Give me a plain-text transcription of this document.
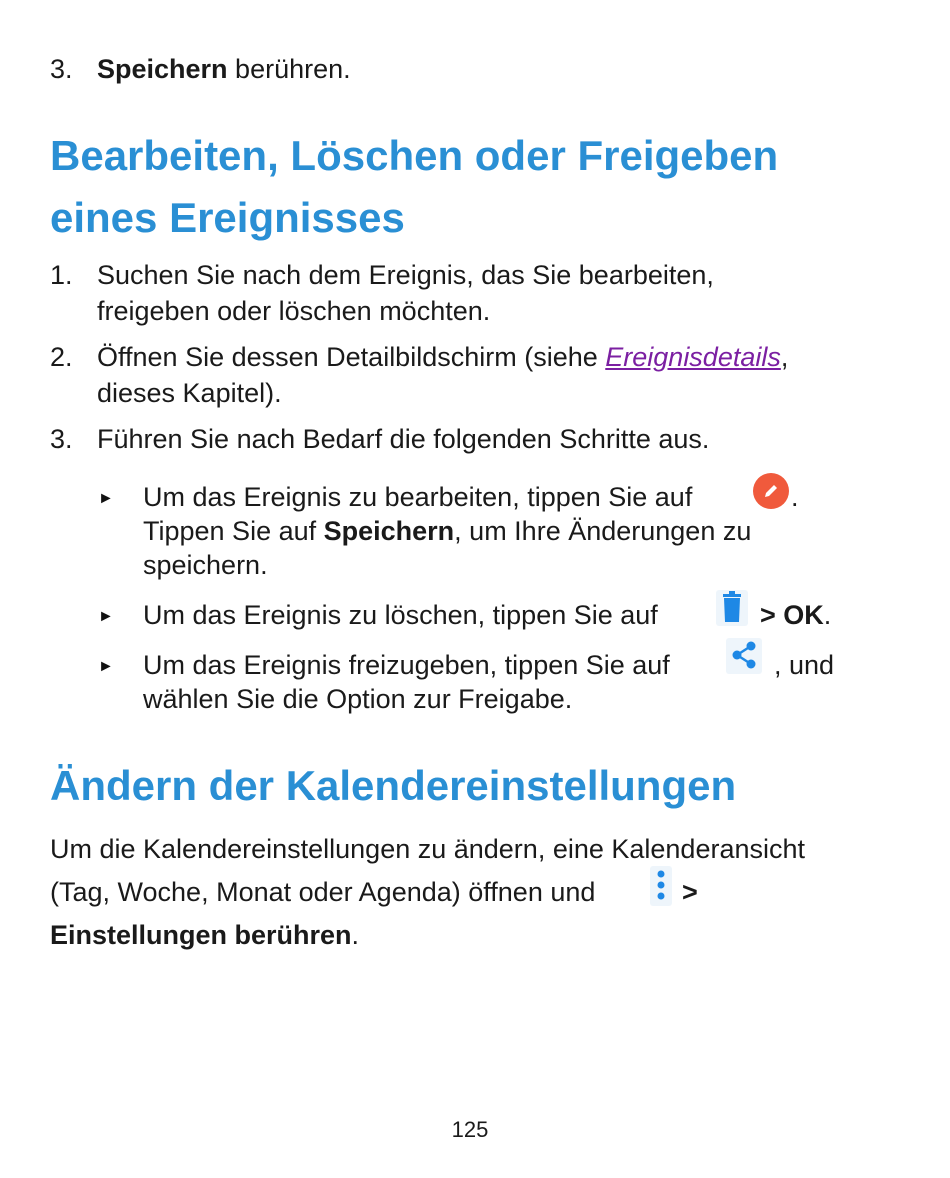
3. Speichern berühren.
Bearbeiten, Löschen oder Freigeben
eines Ereignisses
1. Suchen Sie nach dem Ereignis, das Sie bearbeiten,
freigeben oder löschen möchten.
2. Öffnen Sie dessen Detailbildschirm (siehe Ereignisdetails,
dieses Kapitel).
3. Führen Sie nach Bedarf die folgenden Schritte aus.
► Um das Ereignis zu bearbeiten, tippen Sie auf	.
Tippen Sie auf Speichern, um Ihre Änderungen zu
speichern.
► Um das Ereignis zu löschen, tippen Sie auf	> OK.
► Um das Ereignis freizugeben, tippen Sie auf	, und
wählen Sie die Option zur Freigabe.
Ändern der Kalendereinstellungen
Um die Kalendereinstellungen zu ändern, eine Kalenderansicht
(Tag, Woche, Monat oder Agenda) öffnen und	>
Einstellungen berühren.
125
